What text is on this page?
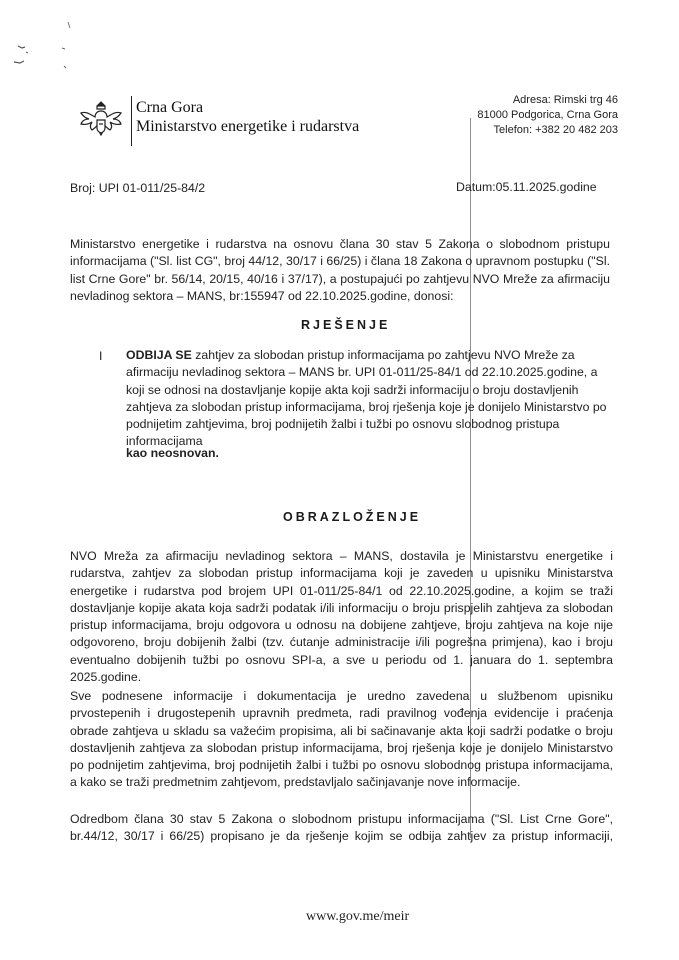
Crna Gora
Ministarstvo energetike i rudarstva
Adresa: Rimski trg 46
81000 Podgorica, Crna Gora
Telefon: +382 20 482 203
Broj: UPI 01-011/25-84/2	Datum:05.11.2025.godine

Ministarstvo energetike i rudarstva na osnovu člana 30 stav 5 Zakona o slobodnom pristupu informacijama ("Sl. list CG", broj 44/12, 30/17 i 66/25) i člana 18 Zakona o upravnom postupku ("Sl. list Crne Gore" br. 56/14, 20/15, 40/16 i 37/17), a postupajući po zahtjevu NVO Mreže za afirmaciju nevladinog sektora – MANS, br:155947 od 22.10.2025.godine, donosi:

RJEŠENJE
I ODBIJA SE zahtjev za slobodan pristup informacijama po zahtjevu NVO Mreže za afirmaciju nevladinog sektora – MANS br. UPI 01-011/25-84/1 od 22.10.2025.godine, a koji se odnosi na dostavljanje kopije akta koji sadrži informaciju o broju dostavljenih zahtjeva za slobodan pristup informacijama, broj rješenja koje je donijelo Ministarstvo po podnijetim zahtjevima, broj podnijetih žalbi i tužbi po osnovu slobodnog pristupa informacijama

kao neosnovan.
OBRAZLOŽENJE

NVO Mreža za afirmaciju nevladinog sektora – MANS, dostavila je Ministarstvu energetike i rudarstva, zahtjev za slobodan pristup informacijama koji je zaveden u upisniku Ministarstva energetike i rudarstva pod brojem UPI 01-011/25-84/1 od 22.10.2025.godine, a kojim se traži dostavljanje kopije akata koja sadrži podatak i/ili informaciju o broju prispjelih zahtjeva za slobodan pristup informacijama, broju odgovora u odnosu na dobijene zahtjeve, broju zahtjeva na koje nije odgovoreno, broju dobijenih žalbi (tzv. ćutanje administracije i/ili pogrešna primjena), kao i broju eventualno dobijenih tužbi po osnovu SPI-a, a sve u periodu od 1. januara do 1. septembra 2025.godine.

Sve podnesene informacije i dokumentacija je uredno zavedena u službenom upisniku prvostepenih i drugostepenih upravnih predmeta, radi pravilnog vođenja evidencije i praćenja obrade zahtjeva u skladu sa važećim propisima, ali bi sačinavanje akta koji sadrži podatke o broju dostavljenih zahtjeva za slobodan pristup informacijama, broj rješenja koje je donijelo Ministarstvo po podnijetim zahtjevima, broj podnijetih žalbi i tužbi po osnovu slobodnog pristupa informacijama, a kako se traži predmetnim zahtjevom, predstavljalo sačinjavanje nove informacije.

Odredbom člana 30 stav 5 Zakona o slobodnom pristupu informacijama ("Sl. List Crne Gore", br.44/12, 30/17 i 66/25) propisano je da rješenje kojim se odbija zahtjev za pristup informaciji,

www.gov.me/meir
